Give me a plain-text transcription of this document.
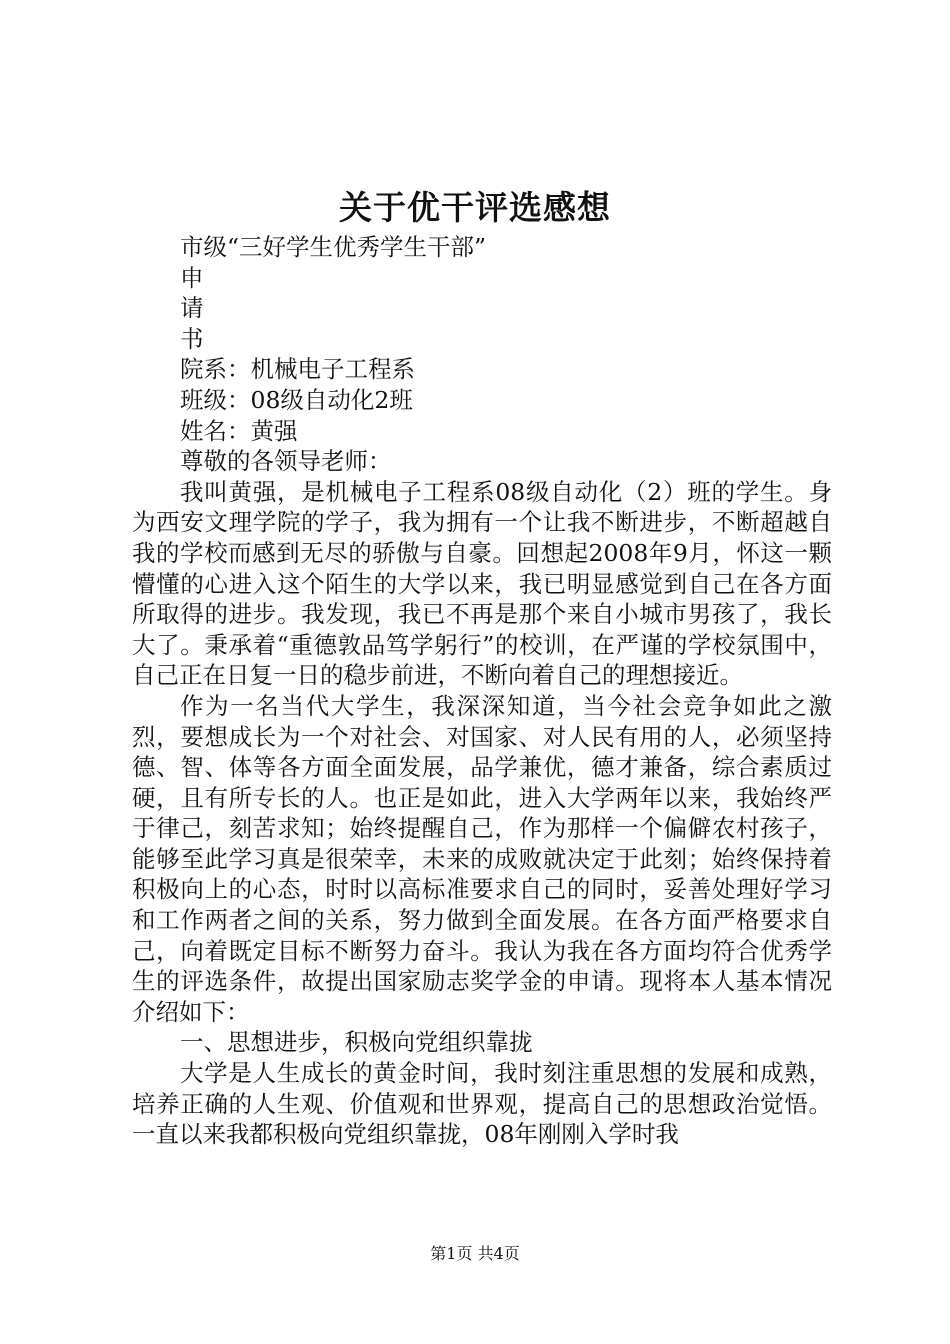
关于优干评选感想

市级“三好学生优秀学生干部”

申

请

书

院系：机械电子工程系

班级：08级自动化2班

姓名：黄强

尊敬的各领导老师：

我叫黄强，是机械电子工程系08级自动化（2）班的学生。身为西安文理学院的学子，我为拥有一个让我不断进步，不断超越自我的学校而感到无尽的骄傲与自豪。回想起2008年9月，怀这一颗懵懂的心进入这个陌生的大学以来，我已明显感觉到自己在各方面所取得的进步。我发现，我已不再是那个来自小城市男孩了，我长大了。秉承着“重德敦品笃学躬行”的校训，在严谨的学校氛围中，自己正在日复一日的稳步前进，不断向着自己的理想接近。

作为一名当代大学生，我深深知道，当今社会竞争如此之激烈，要想成长为一个对社会、对国家、对人民有用的人，必须坚持德、智、体等各方面全面发展，品学兼优，德才兼备，综合素质过硬，且有所专长的人。也正是如此，进入大学两年以来，我始终严于律己，刻苦求知；始终提醒自己，作为那样一个偏僻农村孩子，能够至此学习真是很荣幸，未来的成败就决定于此刻；始终保持着积极向上的心态，时时以高标准要求自己的同时，妥善处理好学习和工作两者之间的关系，努力做到全面发展。在各方面严格要求自己，向着既定目标不断努力奋斗。我认为我在各方面均符合优秀学生的评选条件，故提出国家励志奖学金的申请。现将本人基本情况介绍如下：

一、思想进步，积极向党组织靠拢

大学是人生成长的黄金时间，我时刻注重思想的发展和成熟，培养正确的人生观、价值观和世界观，提高自己的思想政治觉悟。一直以来我都积极向党组织靠拢，08年刚刚入学时我

第1页 共4页
